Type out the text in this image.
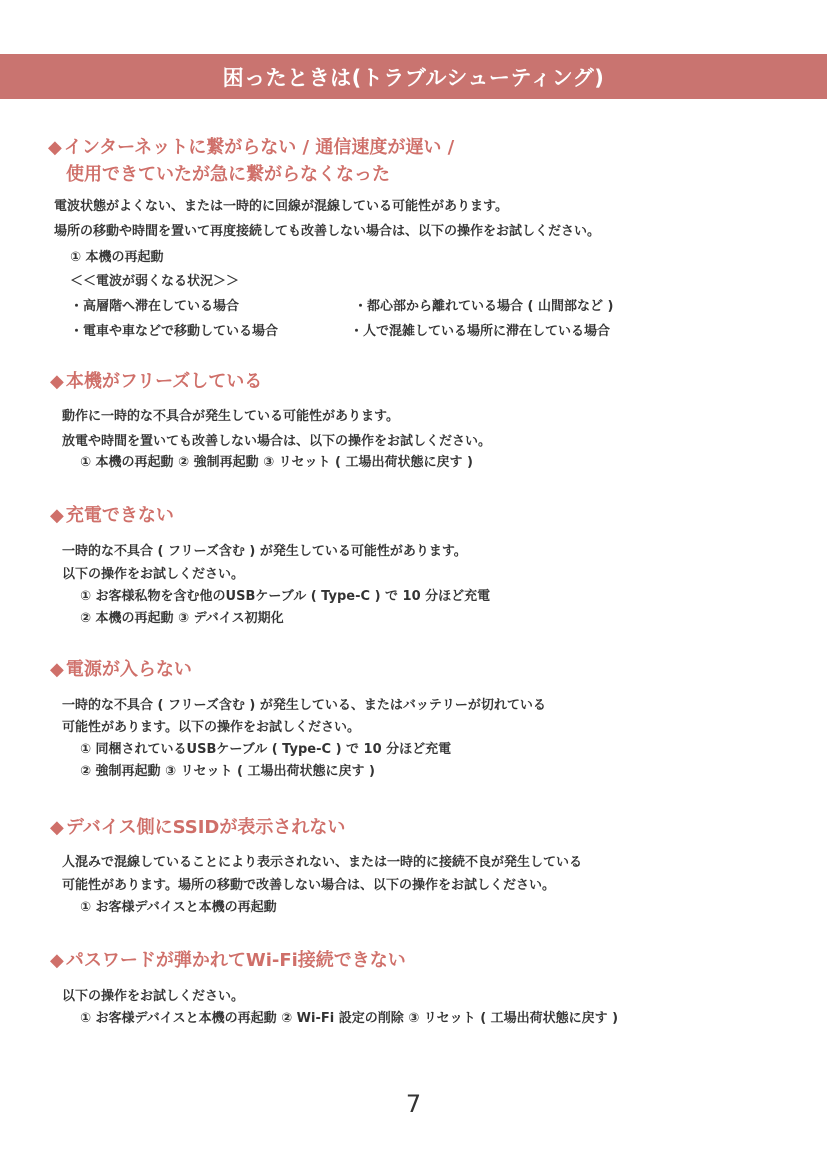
困ったときは(トラブルシューティング)
◆ インターネットに繋がらない / 通信速度が遅い /
使用できていたが急に繋がらなくなった
電波状態がよくない、または一時的に回線が混線している可能性があります。
場所の移動や時間を置いて再度接続しても改善しない場合は、以下の操作をお試しください。
① 本機の再起動
＜＜電波が弱くなる状況＞＞
・高層階へ滞在している場合	・都心部から離れている場合 ( 山間部など )
・電車や車などで移動している場合	・人で混雑している場所に滞在している場合
◆ 本機がフリーズしている
動作に一時的な不具合が発生している可能性があります。
放電や時間を置いても改善しない場合は、以下の操作をお試しください。
① 本機の再起動 ② 強制再起動 ③ リセット ( 工場出荷状態に戻す )
◆ 充電できない
一時的な不具合 ( フリーズ含む ) が発生している可能性があります。
以下の操作をお試しください。
① お客様私物を含む他のUSBケーブル ( Type-C ) で 10 分ほど充電
② 本機の再起動 ③ デバイス初期化
◆ 電源が入らない
一時的な不具合 ( フリーズ含む ) が発生している、またはバッテリーが切れている
可能性があります。以下の操作をお試しください。
① 同梱されているUSBケーブル ( Type-C ) で 10 分ほど充電
② 強制再起動 ③ リセット ( 工場出荷状態に戻す )
◆ デバイス側にSSIDが表示されない
人混みで混線していることにより表示されない、または一時的に接続不良が発生している
可能性があります。場所の移動で改善しない場合は、以下の操作をお試しください。
① お客様デバイスと本機の再起動
◆ パスワードが弾かれてWi-Fi接続できない
以下の操作をお試しください。
① お客様デバイスと本機の再起動 ② Wi-Fi 設定の削除 ③ リセット ( 工場出荷状態に戻す )
7
